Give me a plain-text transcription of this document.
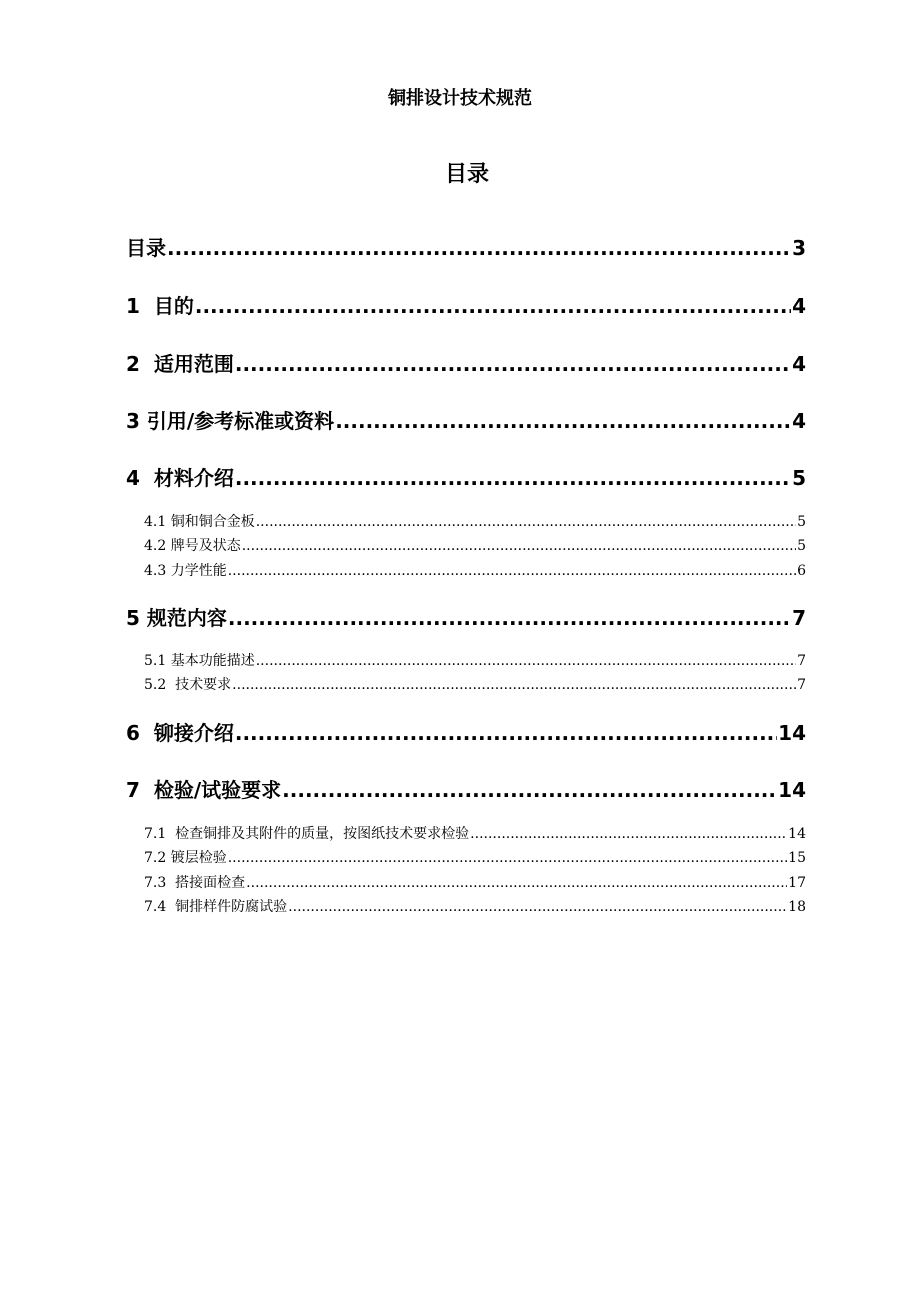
铜排设计技术规范
目录
目录 .....	3
1  目的 .....	4
2  适用范围 .....	4
3 引用/参考标准或资料 .....	4
4  材料介绍 .....	5
4.1 铜和铜合金板 .....	5
4.2 牌号及状态 .....	5
4.3 力学性能 .....	6
5 规范内容 .....	7
5.1 基本功能描述 .....	7
5.2  技术要求 .....	7
6  铆接介绍 .....	14
7  检验/试验要求 .....	14
7.1  检查铜排及其附件的质量，按图纸技术要求检验 .....	14
7.2 镀层检验 .....	15
7.3  搭接面检查 .....	17
7.4  铜排样件防腐试验 .....	18
